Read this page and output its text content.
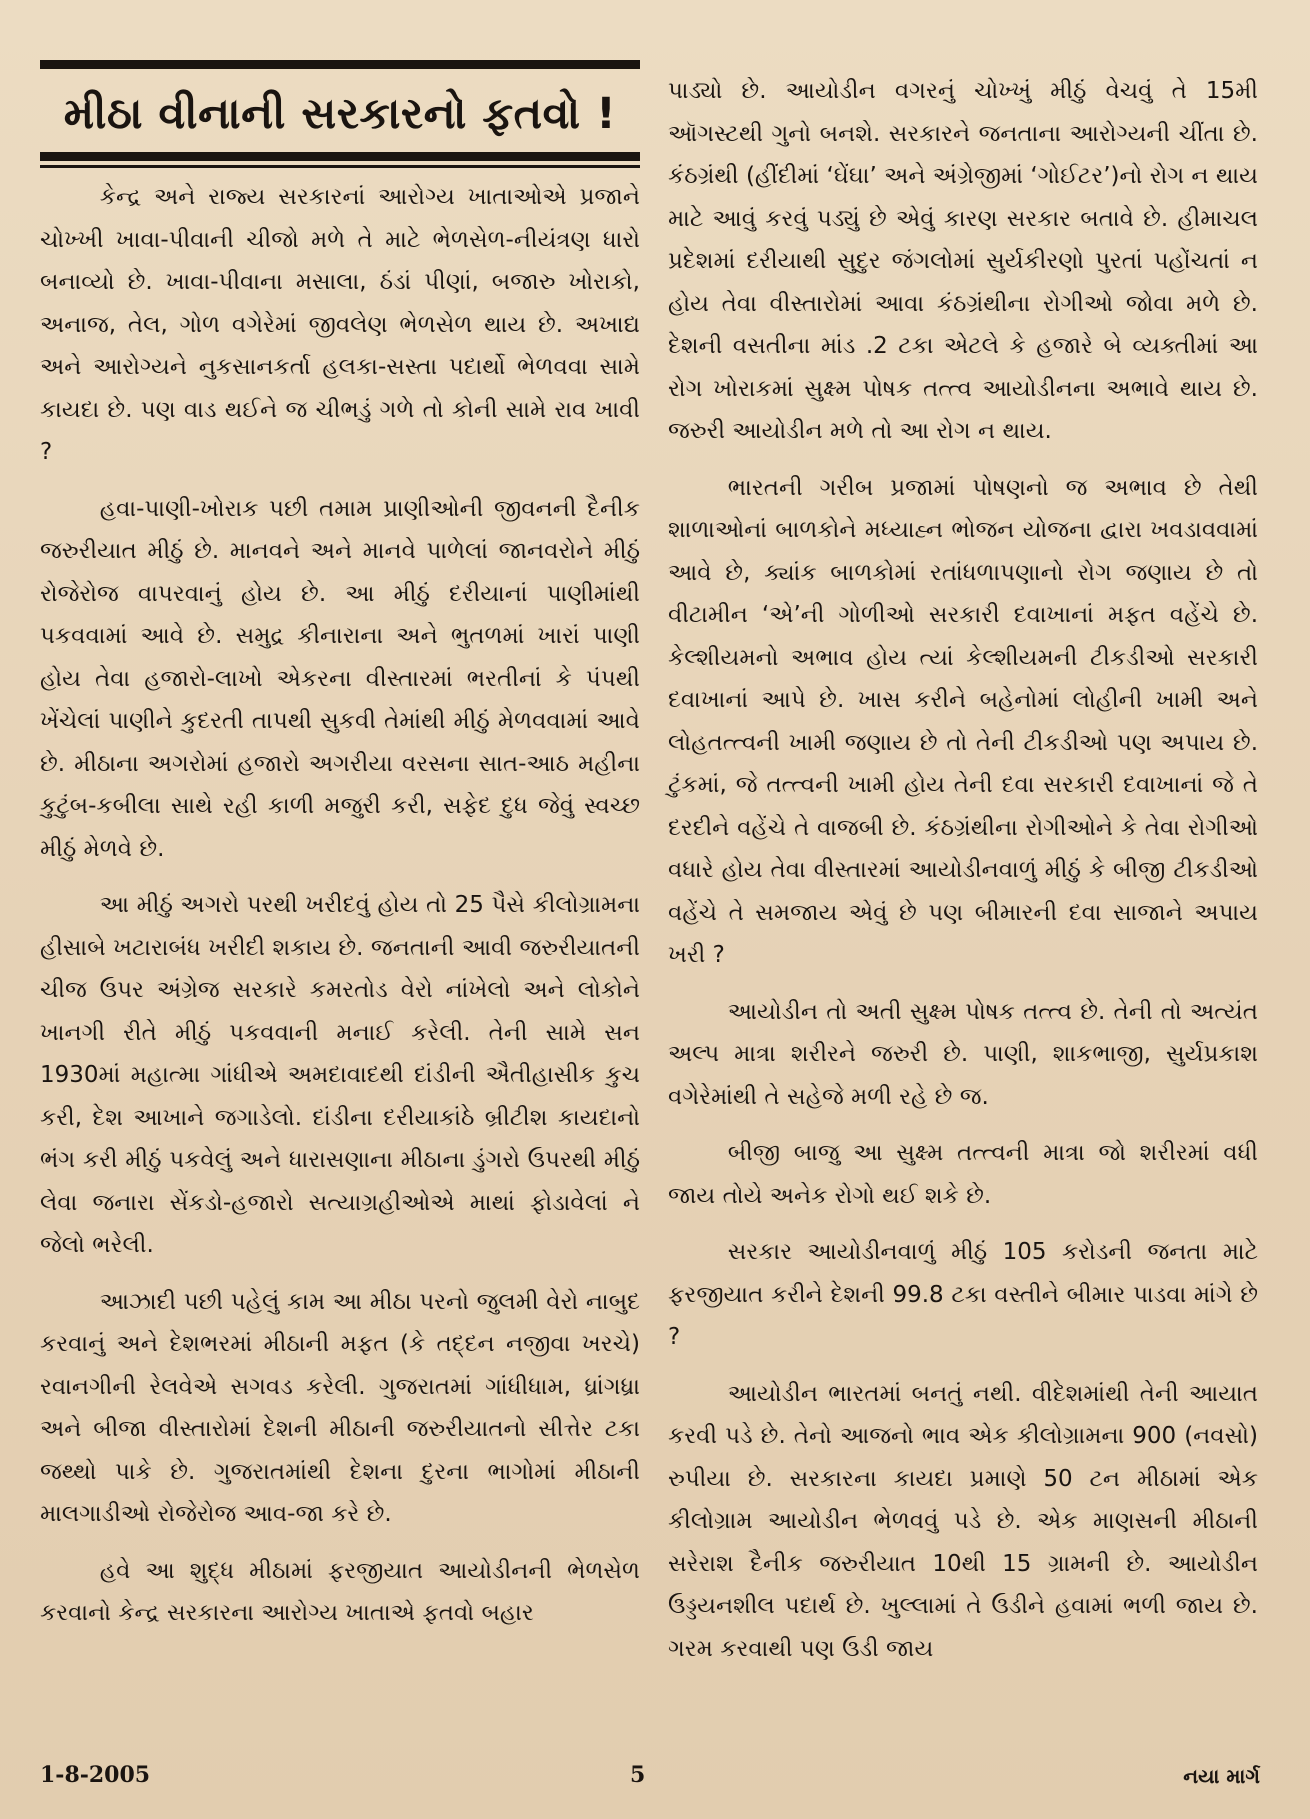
મીઠા વીનાની સરકારનો ફતવો !

કેન્દ્ર અને રાજ્ય સરકારનાં આરોગ્ય ખાતાઓએ પ્રજાને ચોખ્ખી ખાવા-પીવાની ચીજો મળે તે માટે ભેળસેળ-નીયંત્રણ ધારો બનાવ્યો છે. ખાવા-પીવાના મસાલા, ઠંડાં પીણાં, બજારુ ખોરાકો, અનાજ, તેલ, ગોળ વગેરેમાં જીવલેણ ભેળસેળ થાય છે. અખાદ્ય અને આરોગ્યને નુકસાનકર્તા હલકા-સસ્તા પદાર્થો ભેળવવા સામે કાયદા છે. પણ વાડ થઈને જ ચીભડું ગળે તો કોની સામે રાવ ખાવી ?

હવા-પાણી-ખોરાક પછી તમામ પ્રાણીઓની જીવનની દૈનીક જરુરીયાત મીઠું છે. માનવને અને માનવે પાળેલાં જાનવરોને મીઠું રોજેરોજ વાપરવાનું હોય છે. આ મીઠું દરીયાનાં પાણીમાંથી પકવવામાં આવે છે. સમુદ્ર કીનારાના અને ભુતળમાં ખારાં પાણી હોય તેવા હજારો-લાખો એકરના વીસ્તારમાં ભરતીનાં કે પંપથી ખેંચેલાં પાણીને કુદરતી તાપથી સુકવી તેમાંથી મીઠું મેળવવામાં આવે છે. મીઠાના અગરોમાં હજારો અગરીયા વરસના સાત-આઠ મહીના કુટુંબ-કબીલા સાથે રહી કાળી મજુરી કરી, સફેદ દુધ જેવું સ્વચ્છ મીઠું મેળવે છે.

આ મીઠું અગરો પરથી ખરીદવું હોય તો 25 પૈસે કીલોગ્રામના હીસાબે ખટારાબંધ ખરીદી શકાય છે. જનતાની આવી જરુરીયાતની ચીજ ઉપર અંગ્રેજ સરકારે કમરતોડ વેરો નાંખેલો અને લોકોને ખાનગી રીતે મીઠું પકવવાની મનાઈ કરેલી. તેની સામે સન 1930માં મહાત્મા ગાંધીએ અમદાવાદથી દાંડીની ઐતીહાસીક કુચ કરી, દેશ આખાને જગાડેલો. દાંડીના દરીયાકાંઠે બ્રીટીશ કાયદાનો ભંગ કરી મીઠું પકવેલું અને ધારાસણાના મીઠાના ડુંગરો ઉપરથી મીઠું લેવા જનારા સેંકડો-હજારો સત્યાગ્રહીઓએ માથાં ફોડાવેલાં ને જેલો ભરેલી.

આઝાદી પછી પહેલું કામ આ મીઠા પરનો જુલમી વેરો નાબુદ કરવાનું અને દેશભરમાં મીઠાની મફત (કે તદ્દન નજીવા ખરચે) રવાનગીની રેલવેએ સગવડ કરેલી. ગુજરાતમાં ગાંધીધામ, ધ્રાંગધ્રા અને બીજા વીસ્તારોમાં દેશની મીઠાની જરુરીયાતનો સીત્તેર ટકા જથ્થો પાકે છે. ગુજરાતમાંથી દેશના દુરના ભાગોમાં મીઠાની માલગાડીઓ રોજેરોજ આવ-જા કરે છે.

હવે આ શુદ્ધ મીઠામાં ફરજીયાત આયોડીનની ભેળસેળ કરવાનો કેન્દ્ર સરકારના આરોગ્ય ખાતાએ ફતવો બહાર

પાડ્યો છે. આયોડીન વગરનું ચોખ્ખું મીઠું વેચવું તે 15મી ઑગસ્ટથી ગુનો બનશે. સરકારને જનતાના આરોગ્યની ચીંતા છે. કંઠગ્રંથી (હીંદીમાં ‘ઘેંઘા’ અને અંગ્રેજીમાં ‘ગોઈટર’)નો રોગ ન થાય માટે આવું કરવું પડ્યું છે એવું કારણ સરકાર બતાવે છે. હીમાચલ પ્રદેશમાં દરીયાથી સુદુર જંગલોમાં સુર્યકીરણો પુરતાં પહોંચતાં ન હોય તેવા વીસ્તારોમાં આવા કંઠગ્રંથીના રોગીઓ જોવા મળે છે. દેશની વસતીના માંડ .2 ટકા એટલે કે હજારે બે વ્યક્તીમાં આ રોગ ખોરાકમાં સુક્ષ્મ પોષક તત્ત્વ આયોડીનના અભાવે થાય છે. જરુરી આયોડીન મળે તો આ રોગ ન થાય.

ભારતની ગરીબ પ્રજામાં પોષણનો જ અભાવ છે તેથી શાળાઓનાં બાળકોને મધ્યાહ્ન ભોજન યોજના દ્વારા ખવડાવવામાં આવે છે, ક્યાંક બાળકોમાં રતાંધળાપણાનો રોગ જણાય છે તો વીટામીન ‘એ’ની ગોળીઓ સરકારી દવાખાનાં મફત વહેંચે છે. કેલ્શીયમનો અભાવ હોય ત્યાં કેલ્શીયમની ટીકડીઓ સરકારી દવાખાનાં આપે છે. ખાસ કરીને બહેનોમાં લોહીની ખામી અને લોહતત્ત્વની ખામી જણાય છે તો તેની ટીકડીઓ પણ અપાય છે. ટુંકમાં, જે તત્ત્વની ખામી હોય તેની દવા સરકારી દવાખાનાં જે તે દરદીને વહેંચે તે વાજબી છે. કંઠગ્રંથીના રોગીઓને કે તેવા રોગીઓ વધારે હોય તેવા વીસ્તારમાં આયોડીનવાળું મીઠું કે બીજી ટીકડીઓ વહેંચે તે સમજાય એવું છે પણ બીમારની દવા સાજાને અપાય ખરી ?

આયોડીન તો અતી સુક્ષ્મ પોષક તત્ત્વ છે. તેની તો અત્યંત અલ્પ માત્રા શરીરને જરુરી છે. પાણી, શાકભાજી, સુર્યપ્રકાશ વગેરેમાંથી તે સહેજે મળી રહે છે જ.

બીજી બાજુ આ સુક્ષ્મ તત્ત્વની માત્રા જો શરીરમાં વધી જાય તોયે અનેક રોગો થઈ શકે છે.

સરકાર આયોડીનવાળું મીઠું 105 કરોડની જનતા માટે ફરજીયાત કરીને દેશની 99.8 ટકા વસ્તીને બીમાર પાડવા માંગે છે ?

આયોડીન ભારતમાં બનતું નથી. વીદેશમાંથી તેની આયાત કરવી પડે છે. તેનો આજનો ભાવ એક કીલોગ્રામના 900 (નવસો) રુપીયા છે. સરકારના કાયદા પ્રમાણે 50 ટન મીઠામાં એક કીલોગ્રામ આયોડીન ભેળવવું પડે છે. એક માણસની મીઠાની સરેરાશ દૈનીક જરુરીયાત 10થી 15 ગ્રામની છે. આયોડીન ઉડ્ડયનશીલ પદાર્થ છે. ખુલ્લામાં તે ઉડીને હવામાં ભળી જાય છે. ગરમ કરવાથી પણ ઉડી જાય

1-8-2005	5	નયા માર્ગ
